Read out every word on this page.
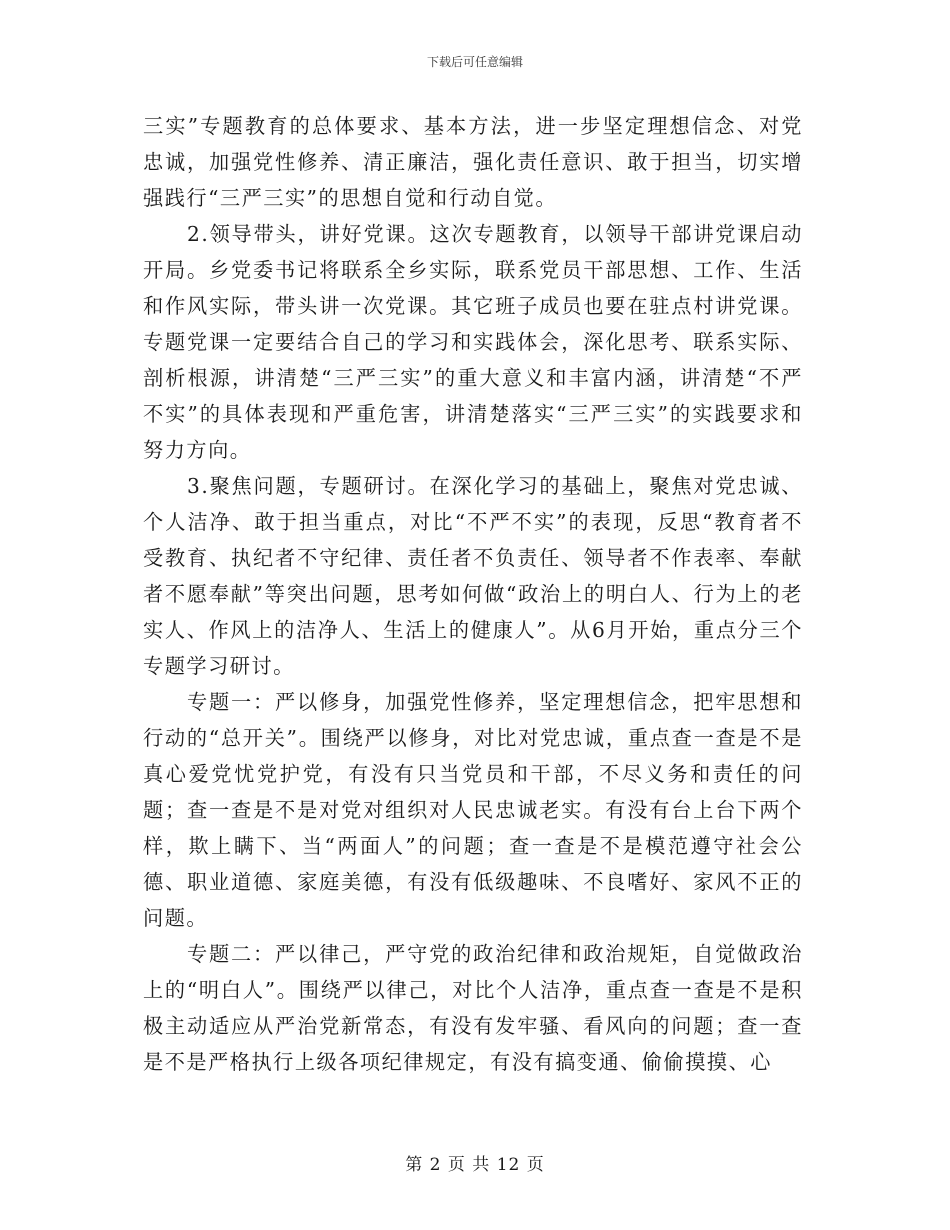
下载后可任意编辑

三实”专题教育的总体要求、基本方法，进一步坚定理想信念、对党忠诚，加强党性修养、清正廉洁，强化责任意识、敢于担当，切实增强践行“三严三实”的思想自觉和行动自觉。

2.领导带头，讲好党课。这次专题教育，以领导干部讲党课启动开局。乡党委书记将联系全乡实际，联系党员干部思想、工作、生活和作风实际，带头讲一次党课。其它班子成员也要在驻点村讲党课。专题党课一定要结合自己的学习和实践体会，深化思考、联系实际、剖析根源，讲清楚“三严三实”的重大意义和丰富内涵，讲清楚“不严不实”的具体表现和严重危害，讲清楚落实“三严三实”的实践要求和努力方向。

3.聚焦问题，专题研讨。在深化学习的基础上，聚焦对党忠诚、个人洁净、敢于担当重点，对比“不严不实”的表现，反思“教育者不受教育、执纪者不守纪律、责任者不负责任、领导者不作表率、奉献者不愿奉献”等突出问题，思考如何做“政治上的明白人、行为上的老实人、作风上的洁净人、生活上的健康人”。从6月开始，重点分三个专题学习研讨。

专题一：严以修身，加强党性修养，坚定理想信念，把牢思想和行动的“总开关”。围绕严以修身，对比对党忠诚，重点查一查是不是真心爱党忧党护党，有没有只当党员和干部，不尽义务和责任的问题；查一查是不是对党对组织对人民忠诚老实。有没有台上台下两个样，欺上瞒下、当“两面人”的问题；查一查是不是模范遵守社会公德、职业道德、家庭美德，有没有低级趣味、不良嗜好、家风不正的问题。

专题二：严以律己，严守党的政治纪律和政治规矩，自觉做政治上的“明白人”。围绕严以律己，对比个人洁净，重点查一查是不是积极主动适应从严治党新常态，有没有发牢骚、看风向的问题；查一查是不是严格执行上级各项纪律规定，有没有搞变通、偷偷摸摸、心

第 2 页 共 12 页
